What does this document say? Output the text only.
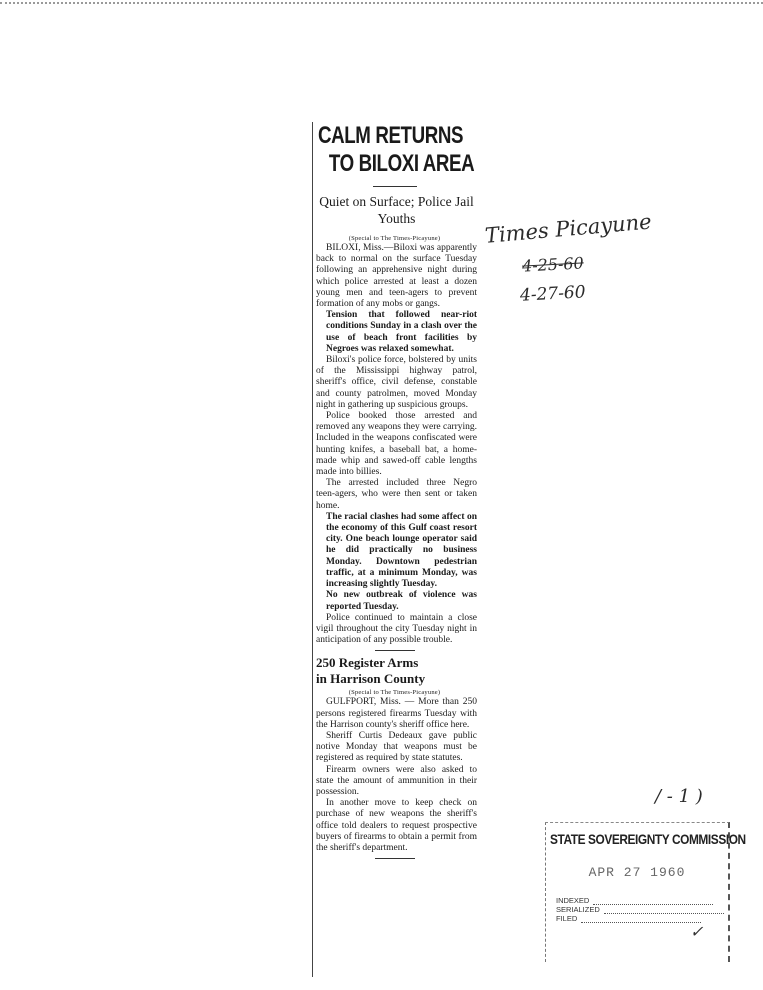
CALM RETURNS
TO BILOXI AREA
Quiet on Surface; Police Jail Youths

(Special to The Times-Picayune)

BILOXI, Miss.—Biloxi was apparently back to normal on the surface Tuesday following an apprehensive night during which police arrested at least a dozen young men and teen-agers to prevent formation of any mobs or gangs.

Tension that followed near-riot conditions Sunday in a clash over the use of beach front facilities by Negroes was relaxed somewhat.

Biloxi's police force, bolstered by units of the Mississippi highway patrol, sheriff's office, civil defense, constable and county patrolmen, moved Monday night in gathering up suspicious groups.

Police booked those arrested and removed any weapons they were carrying. Included in the weapons confiscated were hunting knifes, a baseball bat, a home-made whip and sawed-off cable lengths made into billies.

The arrested included three Negro teen-agers, who were then sent or taken home.

The racial clashes had some affect on the economy of this Gulf coast resort city. One beach lounge operator said he did practically no business Monday. Downtown pedestrian traffic, at a minimum Monday, was increasing slightly Tuesday.

No new outbreak of violence was reported Tuesday.

Police continued to maintain a close vigil throughout the city Tuesday night in anticipation of any possible trouble.

250 Register Arms
in Harrison County

(Special to The Times-Picayune)

GULFPORT, Miss. — More than 250 persons registered firearms Tuesday with the Harrison county's sheriff office here.

Sheriff Curtis Dedeaux gave public notive Monday that weapons must be registered as required by state statutes.

Firearm owners were also asked to state the amount of ammunition in their possession.

In another move to keep check on purchase of new weapons the sheriff's office told dealers to request prospective buyers of firearms to obtain a permit from the sheriff's department.

Times Picayune
4-25-60
4-27-60
/ - 1 )
STATE SOVEREIGNTY COMMISSION
APR 27 1960
INDEXED
SERIALIZED
FILED
✓
